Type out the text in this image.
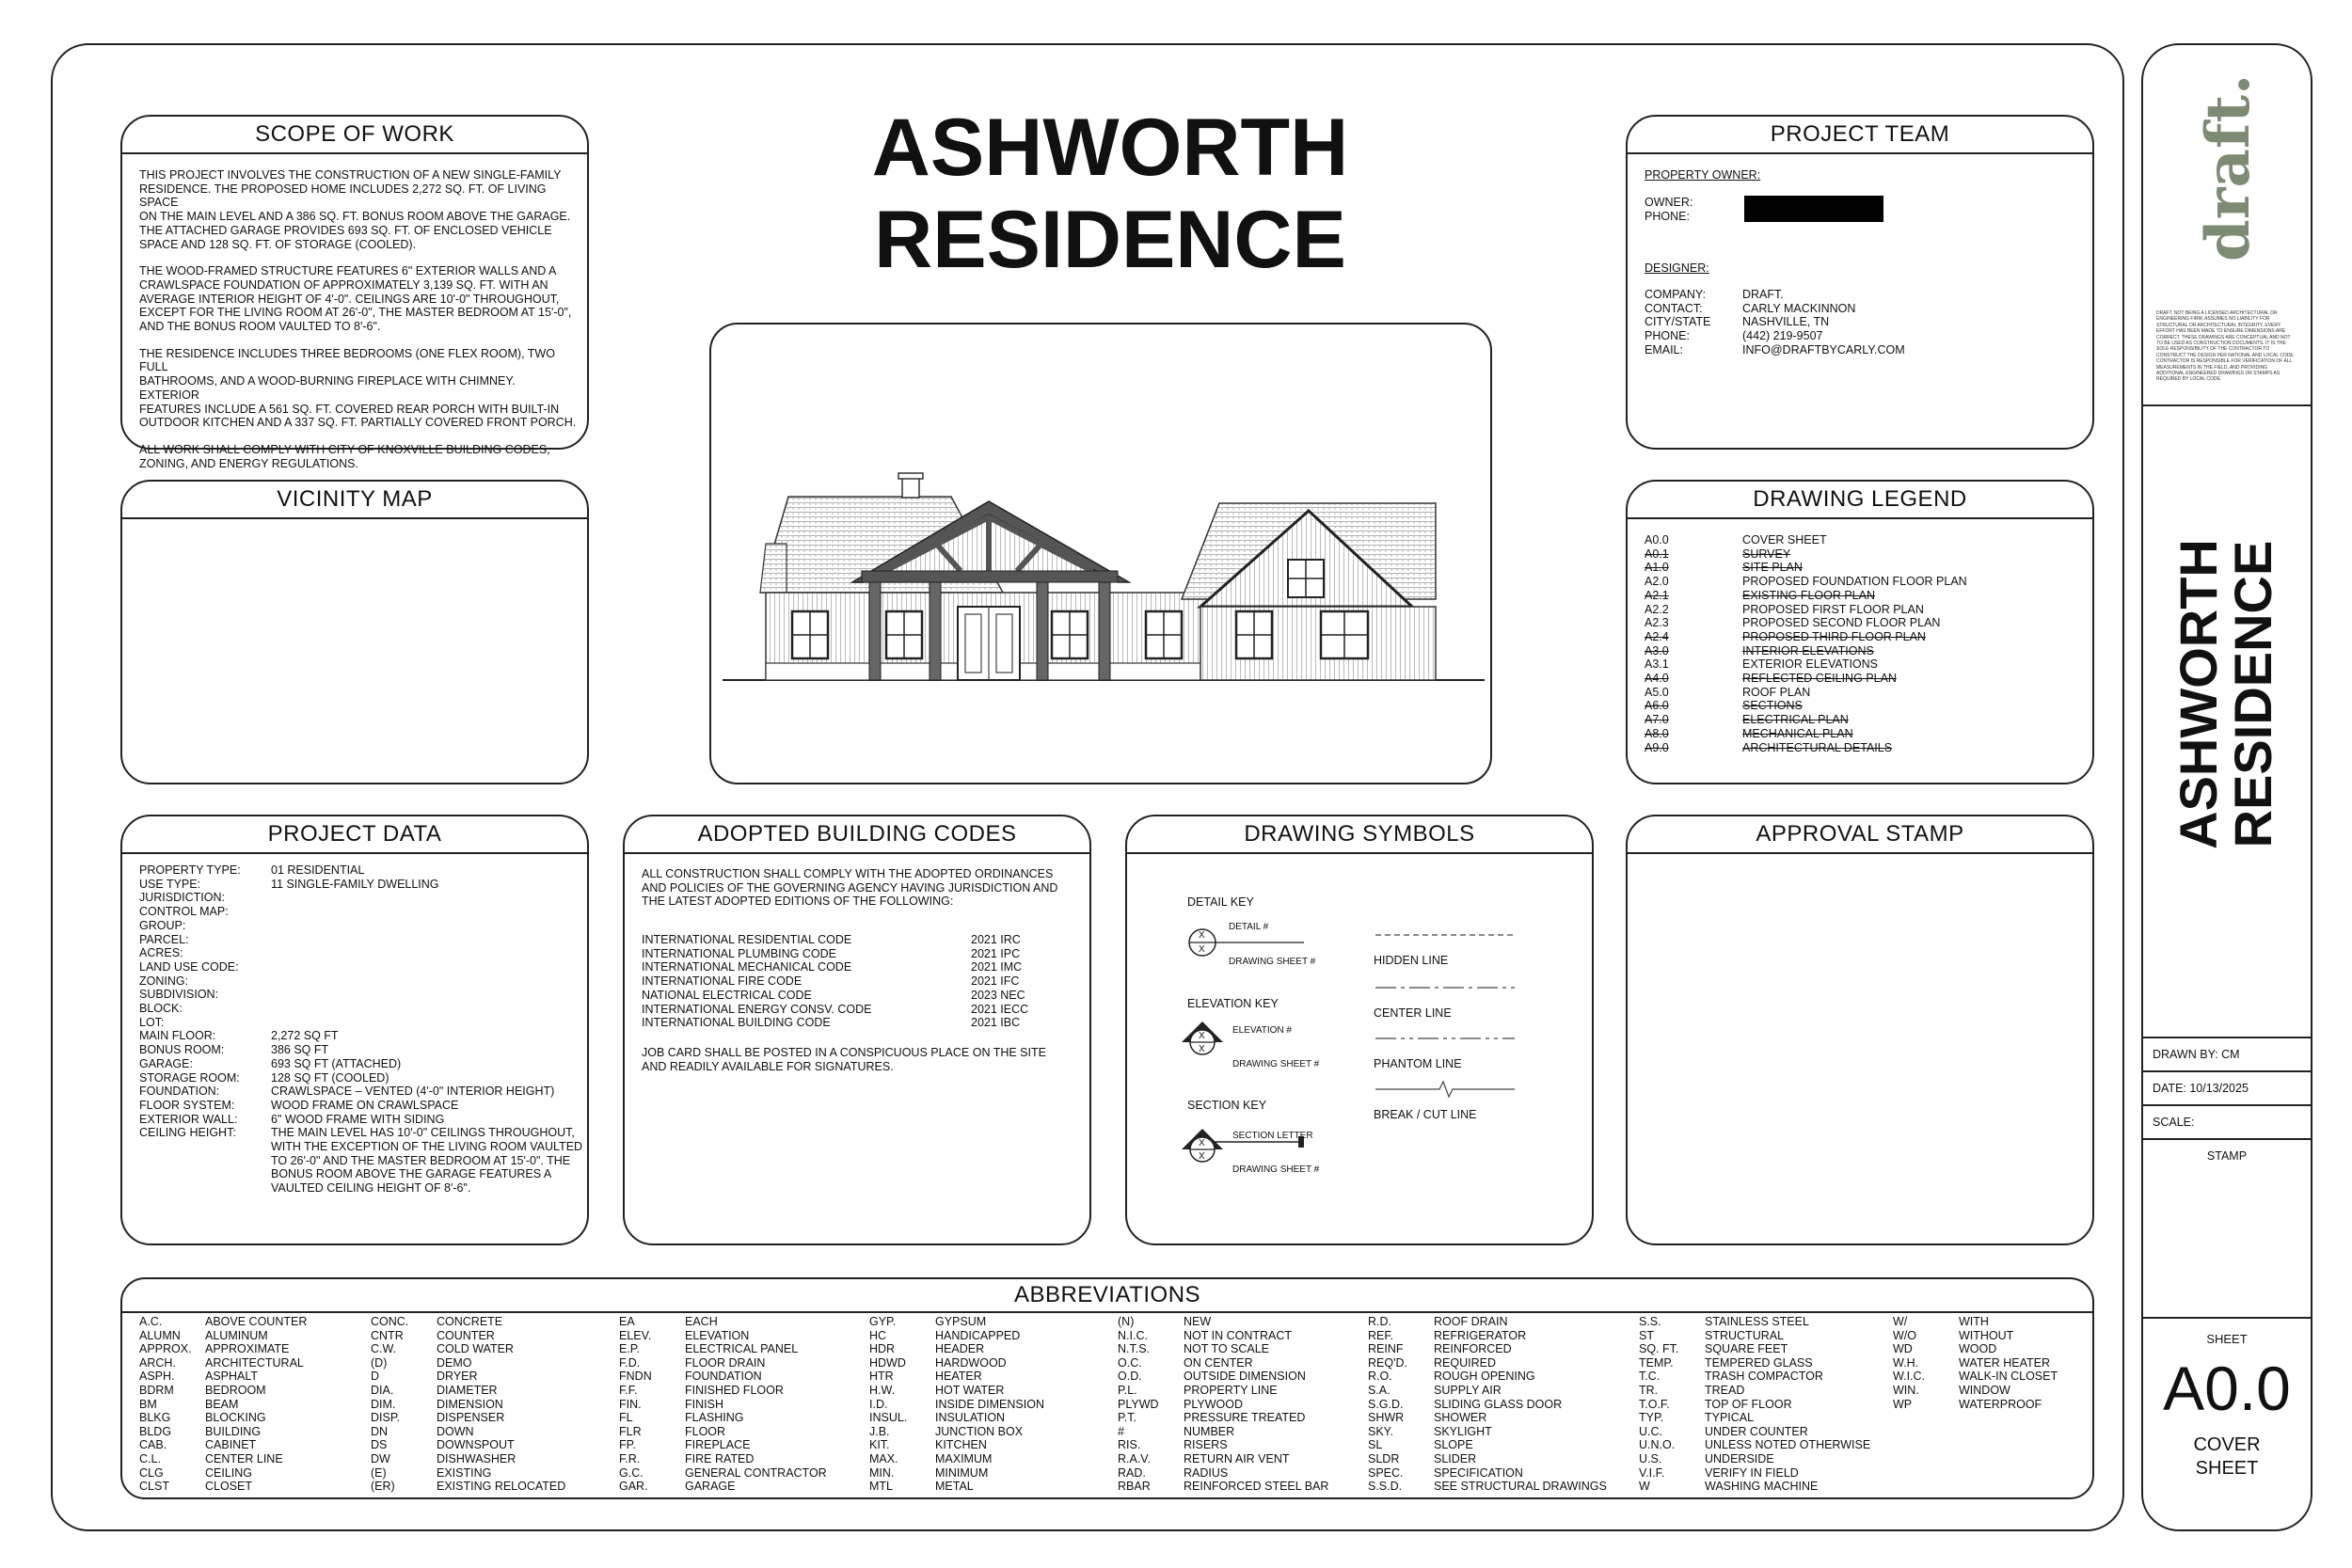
ASHWORTH
RESIDENCE
SCOPE OF WORK
THIS PROJECT INVOLVES THE CONSTRUCTION OF A NEW SINGLE-FAMILY
RESIDENCE. THE PROPOSED HOME INCLUDES 2,272 SQ. FT. OF LIVING SPACE
ON THE MAIN LEVEL AND A 386 SQ. FT. BONUS ROOM ABOVE THE GARAGE.
THE ATTACHED GARAGE PROVIDES 693 SQ. FT. OF ENCLOSED VEHICLE
SPACE AND 128 SQ. FT. OF STORAGE (COOLED).
THE WOOD-FRAMED STRUCTURE FEATURES 6" EXTERIOR WALLS AND A
CRAWLSPACE FOUNDATION OF APPROXIMATELY 3,139 SQ. FT. WITH AN
AVERAGE INTERIOR HEIGHT OF 4'-0". CEILINGS ARE 10'-0" THROUGHOUT,
EXCEPT FOR THE LIVING ROOM AT 26'-0", THE MASTER BEDROOM AT 15'-0",
AND THE BONUS ROOM VAULTED TO 8'-6".
THE RESIDENCE INCLUDES THREE BEDROOMS (ONE FLEX ROOM), TWO FULL
BATHROOMS, AND A WOOD-BURNING FIREPLACE WITH CHIMNEY. EXTERIOR
FEATURES INCLUDE A 561 SQ. FT. COVERED REAR PORCH WITH BUILT-IN
OUTDOOR KITCHEN AND A 337 SQ. FT. PARTIALLY COVERED FRONT PORCH.
ALL WORK SHALL COMPLY WITH CITY OF KNOXVILLE BUILDING CODES,
ZONING, AND ENERGY REGULATIONS.
VICINITY MAP
PROJECT TEAM
PROPERTY OWNER:
OWNER:
PHONE:
DESIGNER:
COMPANY:	DRAFT.
CONTACT:	CARLY MACKINNON
CITY/STATE	NASHVILLE, TN
PHONE:	(442) 219-9507
EMAIL:	INFO@DRAFTBYCARLY.COM
DRAWING LEGEND
A0.0	COVER SHEET
A0.1	SURVEY
A1.0	SITE PLAN
A2.0	PROPOSED FOUNDATION FLOOR PLAN
A2.1	EXISTING FLOOR PLAN
A2.2	PROPOSED FIRST FLOOR PLAN
A2.3	PROPOSED SECOND FLOOR PLAN
A2.4	PROPOSED THIRD FLOOR PLAN
A3.0	INTERIOR ELEVATIONS
A3.1	EXTERIOR ELEVATIONS
A4.0	REFLECTED CEILING PLAN
A5.0	ROOF PLAN
A6.0	SECTIONS
A7.0	ELECTRICAL PLAN
A8.0	MECHANICAL PLAN
A9.0	ARCHITECTURAL DETAILS
PROJECT DATA
PROPERTY TYPE:	01 RESIDENTIAL
USE TYPE:	11 SINGLE-FAMILY DWELLING
JURISDICTION:
CONTROL MAP:
GROUP:
PARCEL:
ACRES:
LAND USE CODE:
ZONING:
SUBDIVISION:
BLOCK:
LOT:
MAIN FLOOR:	2,272 SQ FT
BONUS ROOM:	386 SQ FT
GARAGE:	693 SQ FT (ATTACHED)
STORAGE ROOM:	128 SQ FT (COOLED)
FOUNDATION:	CRAWLSPACE – VENTED (4'-0" INTERIOR HEIGHT)
FLOOR SYSTEM:	WOOD FRAME ON CRAWLSPACE
EXTERIOR WALL:	6" WOOD FRAME WITH SIDING
CEILING HEIGHT:	THE MAIN LEVEL HAS 10'-0" CEILINGS THROUGHOUT,
WITH THE EXCEPTION OF THE LIVING ROOM VAULTED
TO 26'-0" AND THE MASTER BEDROOM AT 15'-0". THE
BONUS ROOM ABOVE THE GARAGE FEATURES A
VAULTED CEILING HEIGHT OF 8'-6".
ADOPTED BUILDING CODES
ALL CONSTRUCTION SHALL COMPLY WITH THE ADOPTED ORDINANCES
AND POLICIES OF THE GOVERNING AGENCY HAVING JURISDICTION AND
THE LATEST ADOPTED EDITIONS OF THE FOLLOWING:
INTERNATIONAL RESIDENTIAL CODE	2021 IRC
INTERNATIONAL PLUMBING CODE	2021 IPC
INTERNATIONAL MECHANICAL CODE	2021 IMC
INTERNATIONAL FIRE CODE	2021 IFC
NATIONAL ELECTRICAL CODE	2023 NEC
INTERNATIONAL ENERGY CONSV. CODE	2021 IECC
INTERNATIONAL BUILDING CODE	2021 IBC
JOB CARD SHALL BE POSTED IN A CONSPICUOUS PLACE ON THE SITE
AND READILY AVAILABLE FOR SIGNATURES.
DRAWING SYMBOLS
DETAIL KEY
X
X
DETAIL #
DRAWING SHEET #
ELEVATION KEY
X
X
ELEVATION #
DRAWING SHEET #
SECTION KEY
X
X
SECTION LETTER
DRAWING SHEET #
HIDDEN LINE
CENTER LINE
PHANTOM LINE
BREAK / CUT LINE
APPROVAL STAMP
ABBREVIATIONS
A.C.	ABOVE COUNTER
ALUMN	ALUMINUM
APPROX.	APPROXIMATE
ARCH.	ARCHITECTURAL
ASPH.	ASPHALT
BDRM	BEDROOM
BM	BEAM
BLKG	BLOCKING
BLDG	BUILDING
CAB.	CABINET
C.L.	CENTER LINE
CLG	CEILING
CLST	CLOSET
CONC.	CONCRETE
CNTR	COUNTER
C.W.	COLD WATER
(D)	DEMO
D	DRYER
DIA.	DIAMETER
DIM.	DIMENSION
DISP.	DISPENSER
DN	DOWN
DS	DOWNSPOUT
DW	DISHWASHER
(E)	EXISTING
(ER)	EXISTING RELOCATED
EA	EACH
ELEV.	ELEVATION
E.P.	ELECTRICAL PANEL
F.D.	FLOOR DRAIN
FNDN	FOUNDATION
F.F.	FINISHED FLOOR
FIN.	FINISH
FL	FLASHING
FLR	FLOOR
FP.	FIREPLACE
F.R.	FIRE RATED
G.C.	GENERAL CONTRACTOR
GAR.	GARAGE
GYP.	GYPSUM
HC	HANDICAPPED
HDR	HEADER
HDWD	HARDWOOD
HTR	HEATER
H.W.	HOT WATER
I.D.	INSIDE DIMENSION
INSUL.	INSULATION
J.B.	JUNCTION BOX
KIT.	KITCHEN
MAX.	MAXIMUM
MIN.	MINIMUM
MTL	METAL
(N)	NEW
N.I.C.	NOT IN CONTRACT
N.T.S.	NOT TO SCALE
O.C.	ON CENTER
O.D.	OUTSIDE DIMENSION
P.L.	PROPERTY LINE
PLYWD	PLYWOOD
P.T.	PRESSURE TREATED
#	NUMBER
RIS.	RISERS
R.A.V.	RETURN AIR VENT
RAD.	RADIUS
RBAR	REINFORCED STEEL BAR
R.D.	ROOF DRAIN
REF.	REFRIGERATOR
REINF	REINFORCED
REQ'D.	REQUIRED
R.O.	ROUGH OPENING
S.A.	SUPPLY AIR
S.G.D.	SLIDING GLASS DOOR
SHWR	SHOWER
SKY.	SKYLIGHT
SL	SLOPE
SLDR	SLIDER
SPEC.	SPECIFICATION
S.S.D.	SEE STRUCTURAL DRAWINGS
S.S.	STAINLESS STEEL
ST	STRUCTURAL
SQ. FT.	SQUARE FEET
TEMP.	TEMPERED GLASS
T.C.	TRASH COMPACTOR
TR.	TREAD
T.O.F.	TOP OF FLOOR
TYP.	TYPICAL
U.C.	UNDER COUNTER
U.N.O.	UNLESS NOTED OTHERWISE
U.S.	UNDERSIDE
V.I.F.	VERIFY IN FIELD
W	WASHING MACHINE
W/	WITH
W/O	WITHOUT
WD	WOOD
W.H.	WATER HEATER
W.I.C.	WALK-IN CLOSET
WIN.	WINDOW
WP	WATERPROOF
draft.
DRAFT. NOT BEING A LICENSED ARCHITECTURAL OR
ENGINEERING FIRM, ASSUMES NO LIABILITY FOR
STRUCTURAL OR ARCHITECTURAL INTEGRITY. EVERY
EFFORT HAS BEEN MADE TO ENSURE DIMENSIONS ARE
CORRECT. THESE DRAWINGS ARE CONCEPTUAL AND NOT
TO BE USED AS CONSTRUCTION DOCUMENTS. IT IS THE
SOLE RESPONSIBILITY OF THE CONTRACTOR TO
CONSTRUCT THE DESIGN PER NATIONAL AND LOCAL CODE.
CONTRACTOR IS RESPONSIBLE FOR VERIFICATION OF ALL
MEASUREMENTS IN THE FIELD, AND PROVIDING
ADDITIONAL ENGINEERED DRAWINGS OR STAMPS AS
REQUIRED BY LOCAL CODE.
ASHWORTH
RESIDENCE
DRAWN BY: CM
DATE: 10/13/2025
SCALE:
STAMP
SHEET
A0.0
COVER
SHEET
